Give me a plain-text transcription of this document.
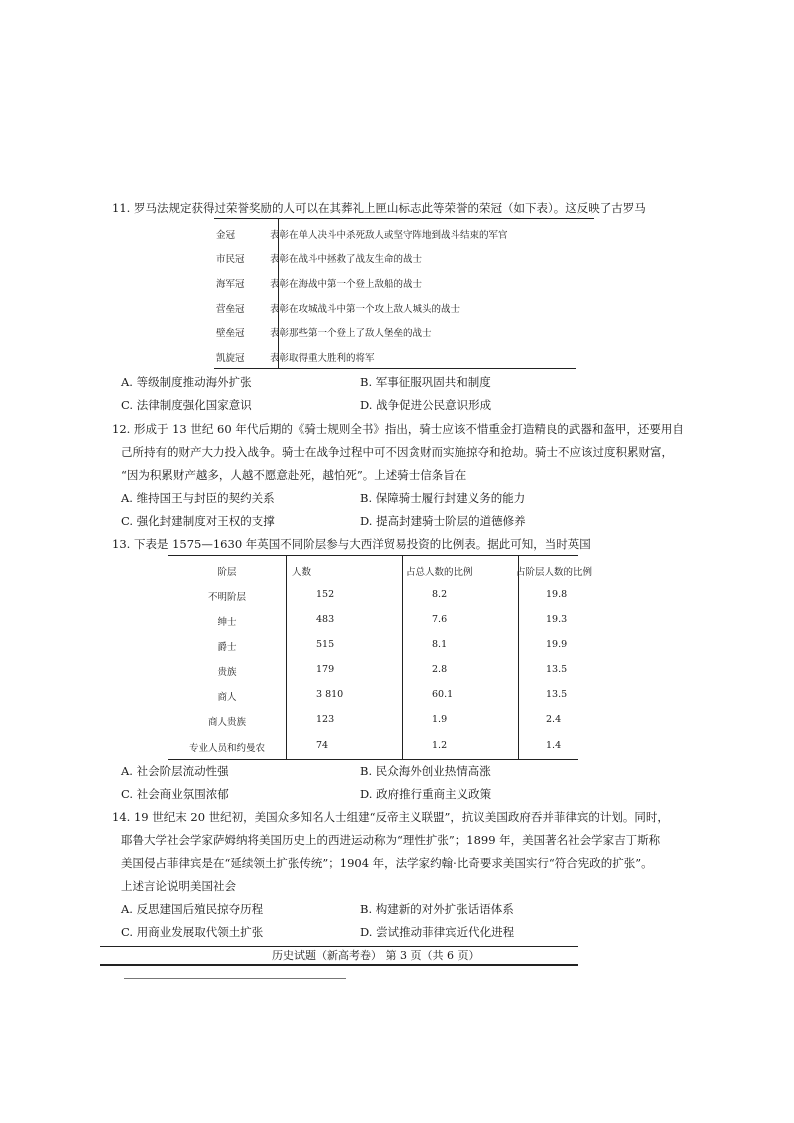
11. 罗马法规定获得过荣誉奖励的人可以在其葬礼上匣山标志此等荣誉的荣冠（如下表）。这反映了古罗马
金冠	表彰在单人决斗中杀死敌人或坚守阵地到战斗结束的军官
市民冠	表彰在战斗中拯救了战友生命的战士
海军冠	表彰在海战中第一个登上敌船的战士
营垒冠	表彰在攻城战斗中第一个攻上敌人城头的战士
壁垒冠	表彰那些第一个登上了敌人堡垒的战士
凯旋冠	表彰取得重大胜利的将军
A. 等级制度推动海外扩张	B. 军事征服巩固共和制度
C. 法律制度强化国家意识	D. 战争促进公民意识形成
12. 形成于 13 世纪 60 年代后期的《骑士规则全书》指出，骑士应该不惜重金打造精良的武器和盔甲，还要用自
己所持有的财产大力投入战争。骑士在战争过程中可不因贪财而实施掠夺和抢劫。骑士不应该过度积累财富，
“因为积累财产越多，人越不愿意赴死，越怕死”。上述骑士信条旨在
A. 维持国王与封臣的契约关系	B. 保障骑士履行封建义务的能力
C. 强化封建制度对王权的支撑	D. 提高封建骑士阶层的道德修养
13. 下表是 1575—1630 年英国不同阶层参与大西洋贸易投资的比例表。据此可知，当时英国
阶层	人数	占总人数的比例	占阶层人数的比例
不明阶层	152	8.2	19.8
绅士	483	7.6	19.3
爵士	515	8.1	19.9
贵族	179	2.8	13.5
商人	3 810	60.1	13.5
商人贵族	123	1.9	2.4
专业人员和约曼农	74	1.2	1.4
A. 社会阶层流动性强	B. 民众海外创业热情高涨
C. 社会商业氛围浓郁	D. 政府推行重商主义政策
14. 19 世纪末 20 世纪初，美国众多知名人士组建“反帝主义联盟”，抗议美国政府吞并菲律宾的计划。同时，
耶鲁大学社会学家萨姆纳将美国历史上的西进运动称为“理性扩张”；1899 年，美国著名社会学家吉丁斯称
美国侵占菲律宾是在“延续领土扩张传统”；1904 年，法学家约翰·比奇要求美国实行“符合宪政的扩张”。
上述言论说明美国社会
A. 反思建国后殖民掠夺历程	B. 构建新的对外扩张话语体系
C. 用商业发展取代领土扩张	D. 尝试推动菲律宾近代化进程
历史试题（新高考卷） 第 3 页（共 6 页）
